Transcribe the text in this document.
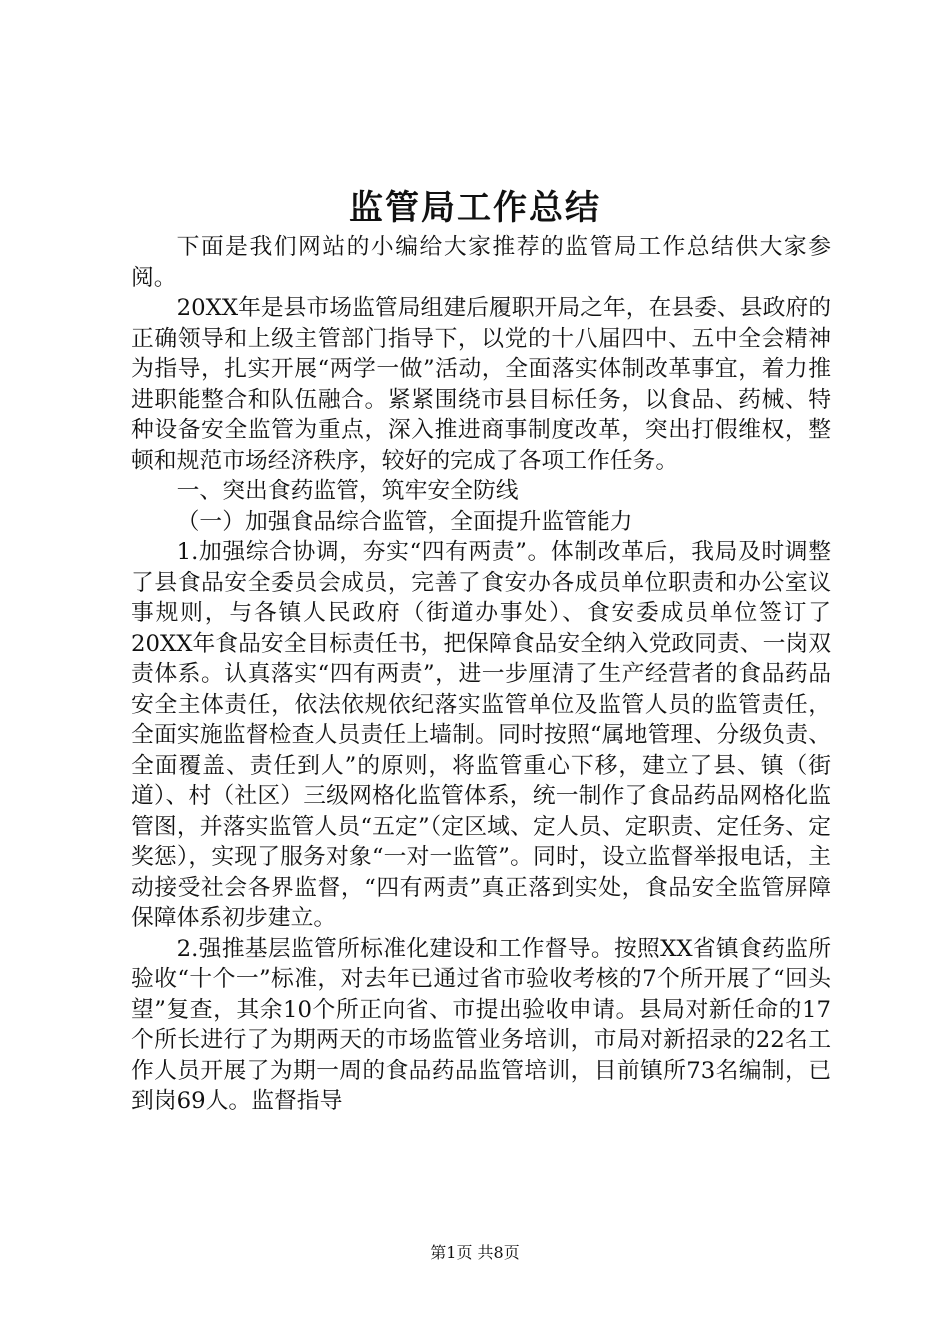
监管局工作总结

下面是我们网站的小编给大家推荐的监管局工作总结供大家参阅。

20XX年是县市场监管局组建后履职开局之年，在县委、县政府的正确领导和上级主管部门指导下，以党的十八届四中、五中全会精神为指导，扎实开展“两学一做”活动，全面落实体制改革事宜，着力推进职能整合和队伍融合。紧紧围绕市县目标任务，以食品、药械、特种设备安全监管为重点，深入推进商事制度改革，突出打假维权，整顿和规范市场经济秩序，较好的完成了各项工作任务。

一、突出食药监管，筑牢安全防线

（一）加强食品综合监管，全面提升监管能力

1.加强综合协调，夯实“四有两责”。体制改革后，我局及时调整了县食品安全委员会成员，完善了食安办各成员单位职责和办公室议事规则，与各镇人民政府（街道办事处）、食安委成员单位签订了20XX年食品安全目标责任书，把保障食品安全纳入党政同责、一岗双责体系。认真落实“四有两责”，进一步厘清了生产经营者的食品药品安全主体责任，依法依规依纪落实监管单位及监管人员的监管责任，全面实施监督检查人员责任上墙制。同时按照“属地管理、分级负责、全面覆盖、责任到人”的原则，将监管重心下移，建立了县、镇（街道）、村（社区）三级网格化监管体系，统一制作了食品药品网格化监管图，并落实监管人员“五定”（定区域、定人员、定职责、定任务、定奖惩），实现了服务对象“一对一监管”。同时，设立监督举报电话，主动接受社会各界监督，“四有两责”真正落到实处，食品安全监管屏障保障体系初步建立。

2.强推基层监管所标准化建设和工作督导。按照XX省镇食药监所验收“十个一”标准，对去年已通过省市验收考核的7个所开展了“回头望”复查，其余10个所正向省、市提出验收申请。县局对新任命的17个所长进行了为期两天的市场监管业务培训，市局对新招录的22名工作人员开展了为期一周的食品药品监管培训，目前镇所73名编制，已到岗69人。监督指导

第1页 共8页
